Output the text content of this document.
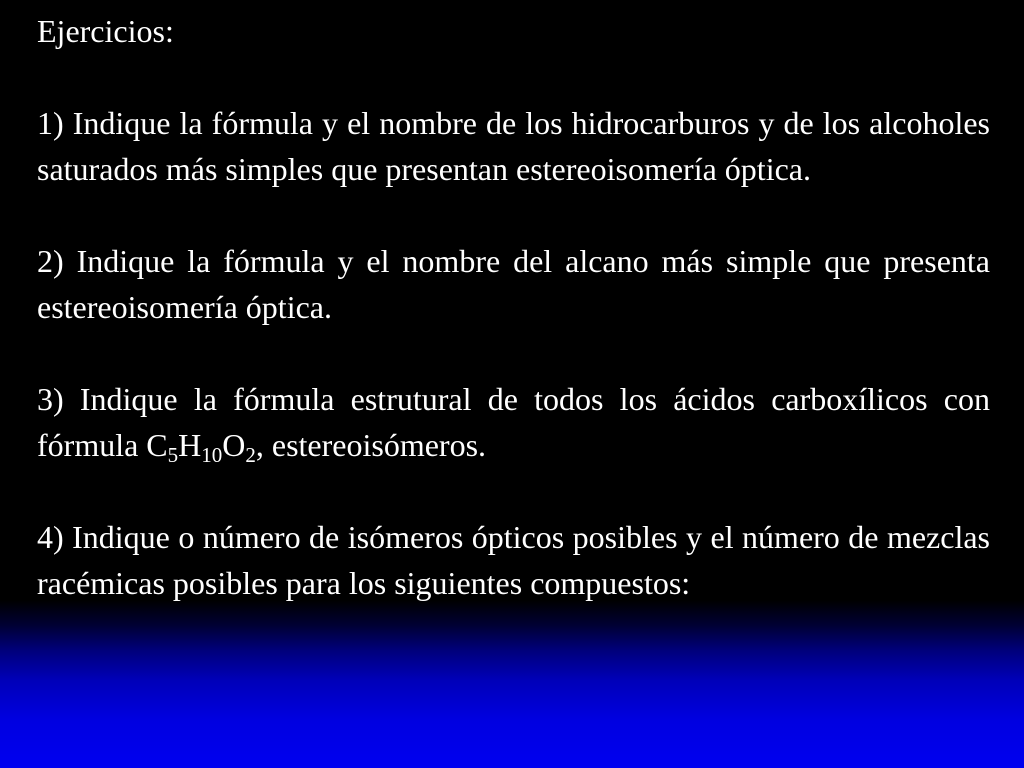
Ejercicios:

1) Indique la fórmula y el nombre de los hidrocarburos y de los alcoholes saturados más simples que presentan estereoisomería óptica.

2) Indique la fórmula y el nombre del alcano más simple que presenta estereoisomería óptica.

3) Indique la fórmula estrutural de todos los ácidos carboxílicos con fórmula $C_5H_{10}O_2$, estereoisómeros.

4) Indique o número de isómeros ópticos posibles y el número de mezclas racémicas posibles para los siguientes compuestos:
